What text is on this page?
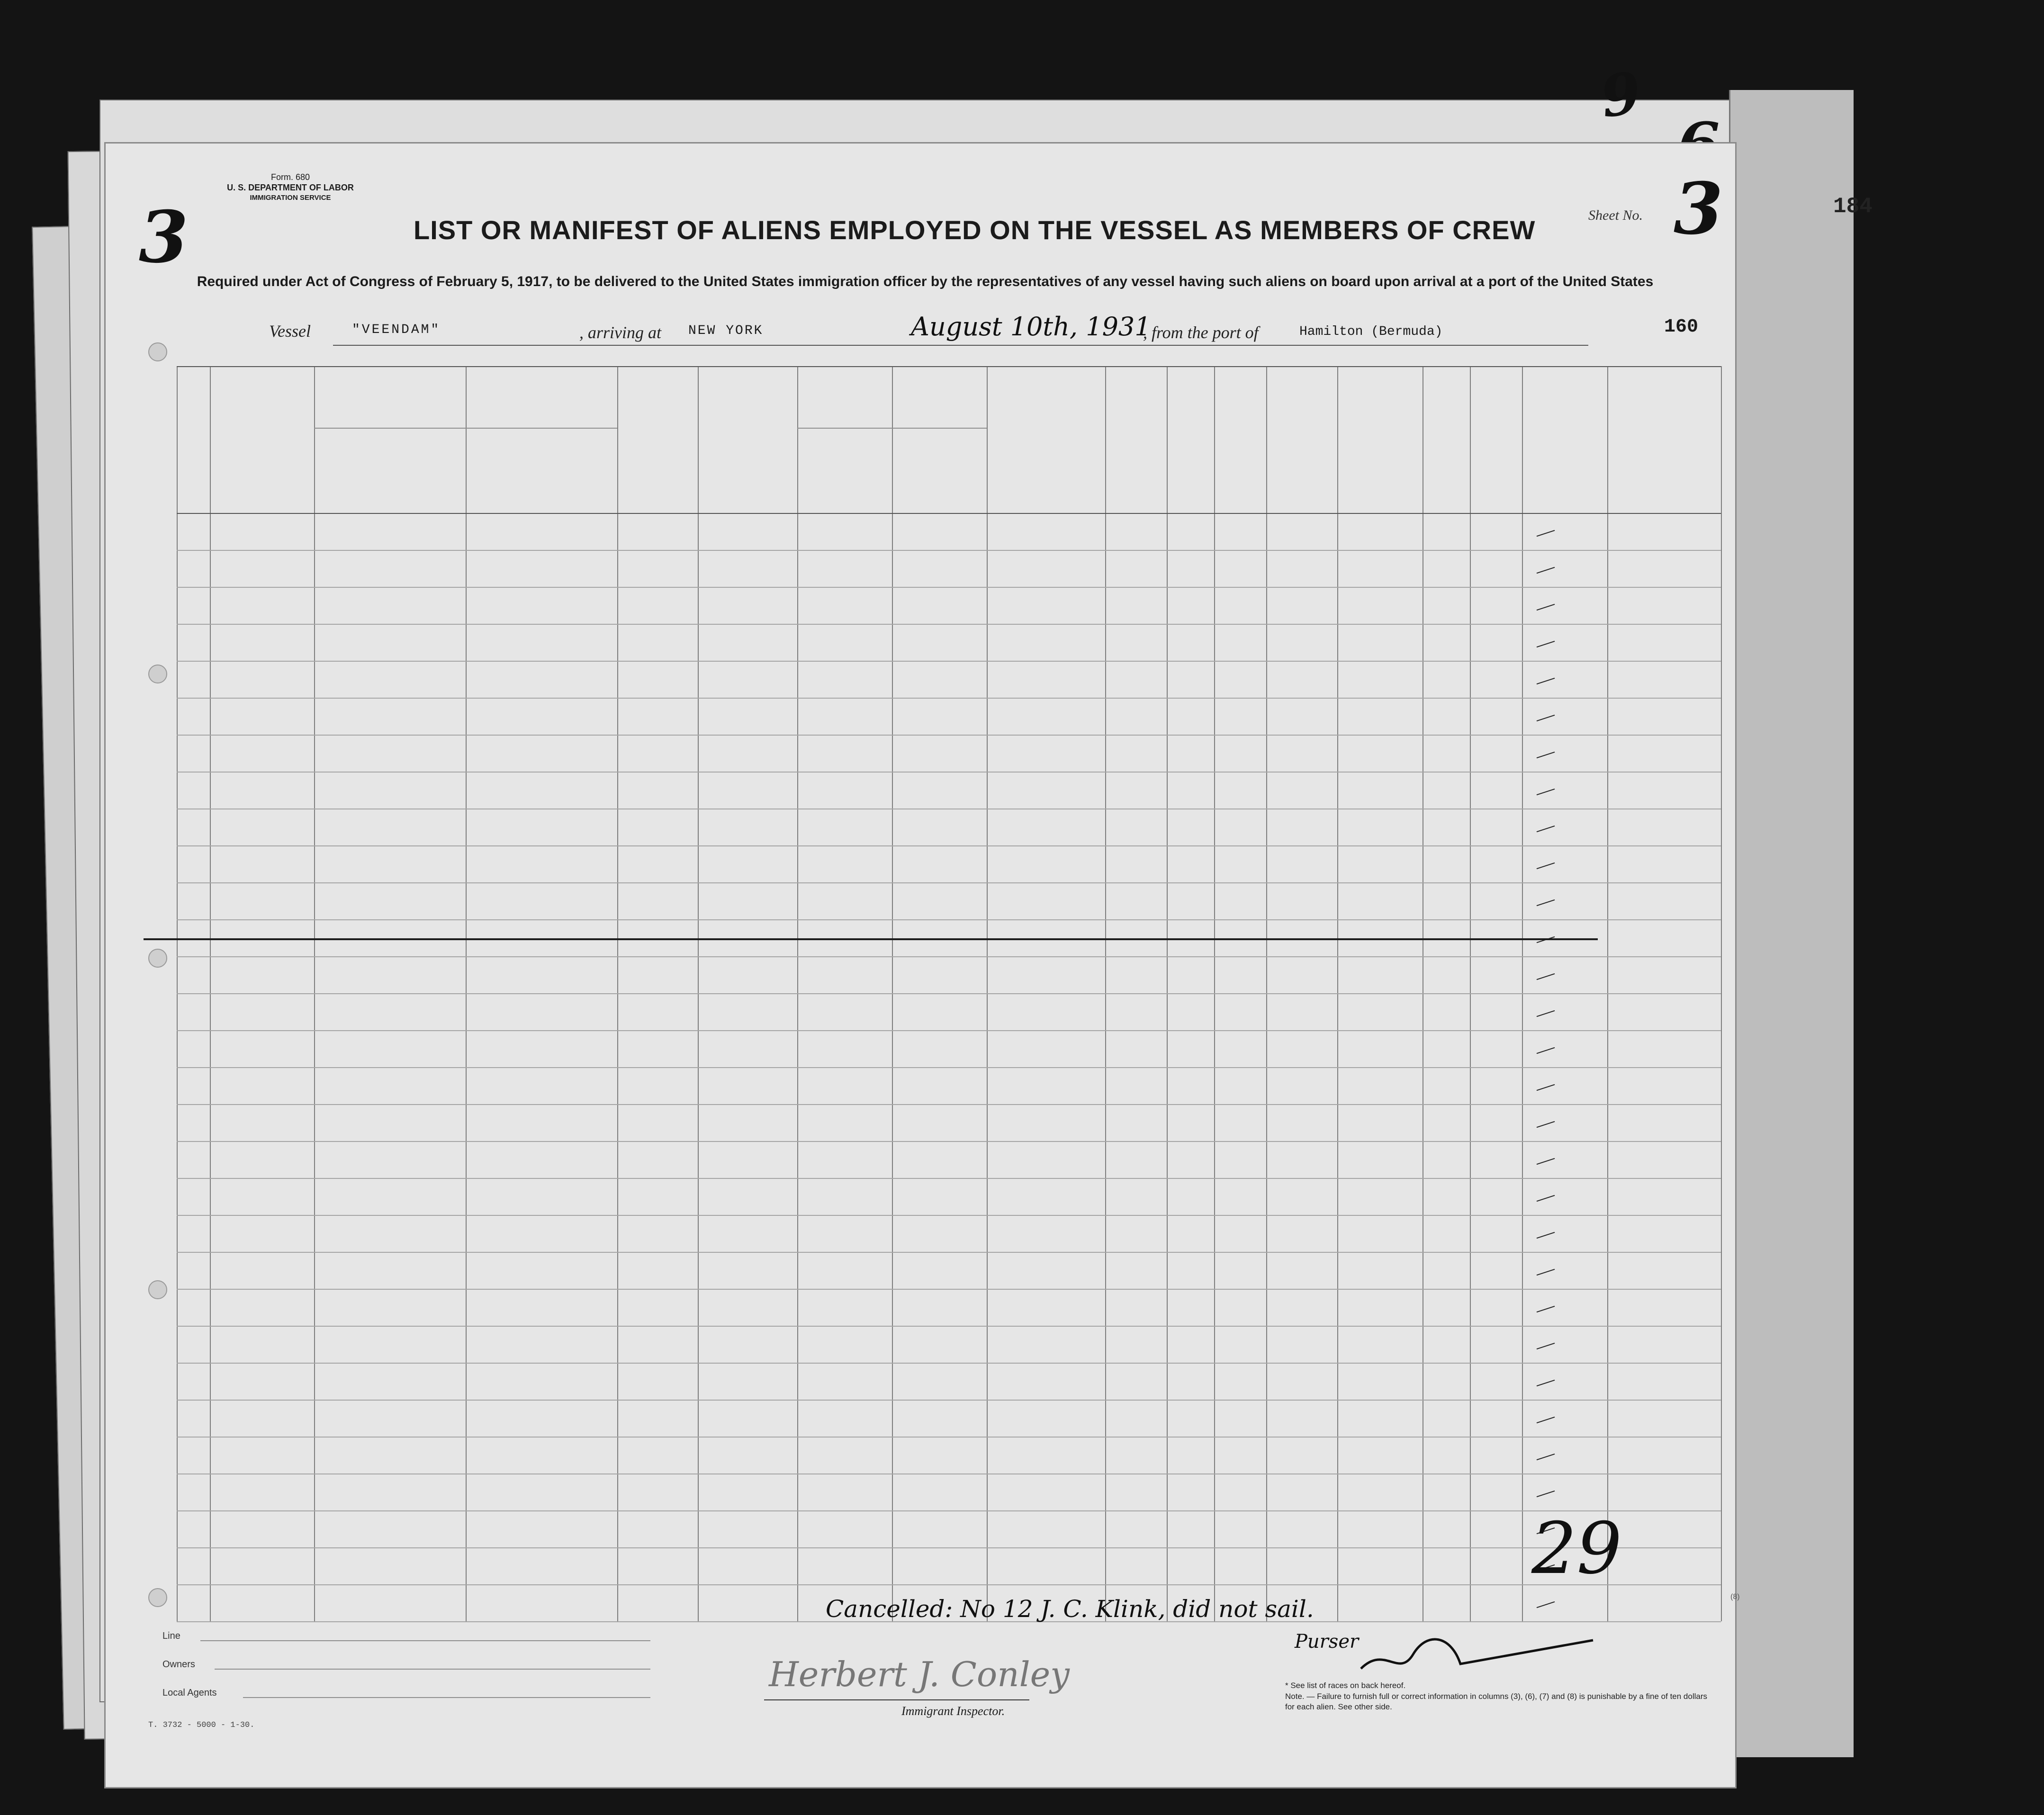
184
9
Form. 680
U. S. DEPARTMENT OF LABOR
IMMIGRATION SERVICE
3	LIST OR MANIFEST OF ALIENS EMPLOYED ON THE VESSEL AS MEMBERS OF CREW
Required under Act of Congress of February 5, 1917, to be delivered to the United States immigration officer by the representatives of any vessel having such aliens on board upon arrival at a port of the United States
Sheet No. 3
160
Vessel	"VEENDAM"	, arriving at NEW YORK	August 10th, 1931
, from the port of	Hamilton (Bermuda)
Cancelled: No 12 J. C. Klink, did not sail.
Purser
29
Herbert J. Conley
Immigrant Inspector.
Line
Owners
Local Agents
T. 3732 - 5000 - 1-30.
* See list of races on back hereof.
Note. — Failure to furnish full or correct information in columns (3), (6), (7) and (8) is punishable by a fine of ten dollars for each alien. See other side.
(8)
